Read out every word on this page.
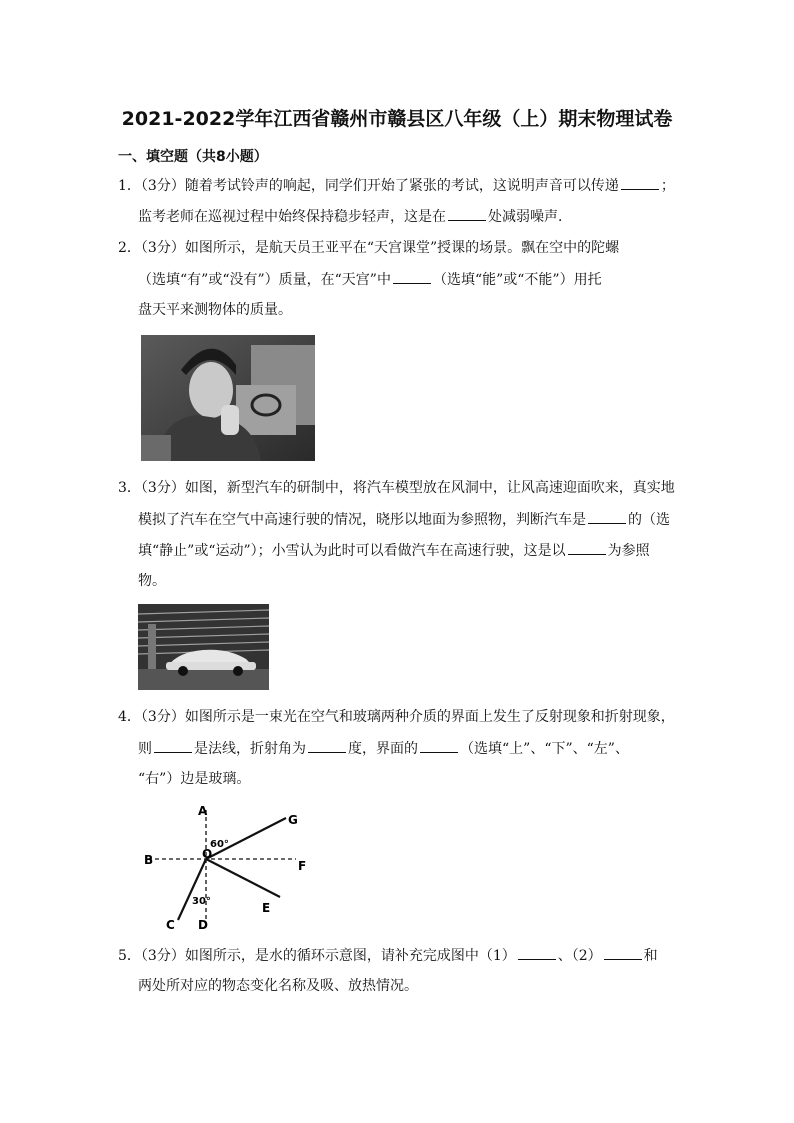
2021-2022学年江西省赣州市赣县区八年级（上）期末物理试卷
一、填空题（共8小题）
1．（3分）随着考试铃声的响起，同学们开始了紧张的考试，这说明声音可以传递	；
监考老师在巡视过程中始终保持稳步轻声，这是在	处减弱噪声．
2．（3分）如图所示，是航天员王亚平在“天宫课堂”授课的场景。飘在空中的陀螺
（选填“有”或“没有”）质量，在“天宫”中	（选填“能”或“不能”）用托
盘天平来测物体的质量。
3．（3分）如图，新型汽车的研制中，将汽车模型放在风洞中，让风高速迎面吹来，真实地
模拟了汽车在空气中高速行驶的情况，晓彤以地面为参照物，判断汽车是	的（选
填“静止”或“运动”）；小雪认为此时可以看做汽车在高速行驶，这是以	为参照
物。
4．（3分）如图所示是一束光在空气和玻璃两种介质的界面上发生了反射现象和折射现象，
则	是法线，折射角为	度，界面的	（选填“上”、“下”、“左”、
“右”）边是玻璃。
A
B
C D
E
F
G
O
60°
30°
5．（3分）如图所示，是水的循环示意图，请补充完成图中（1）	、（2）	和
两处所对应的物态变化名称及吸、放热情况。
